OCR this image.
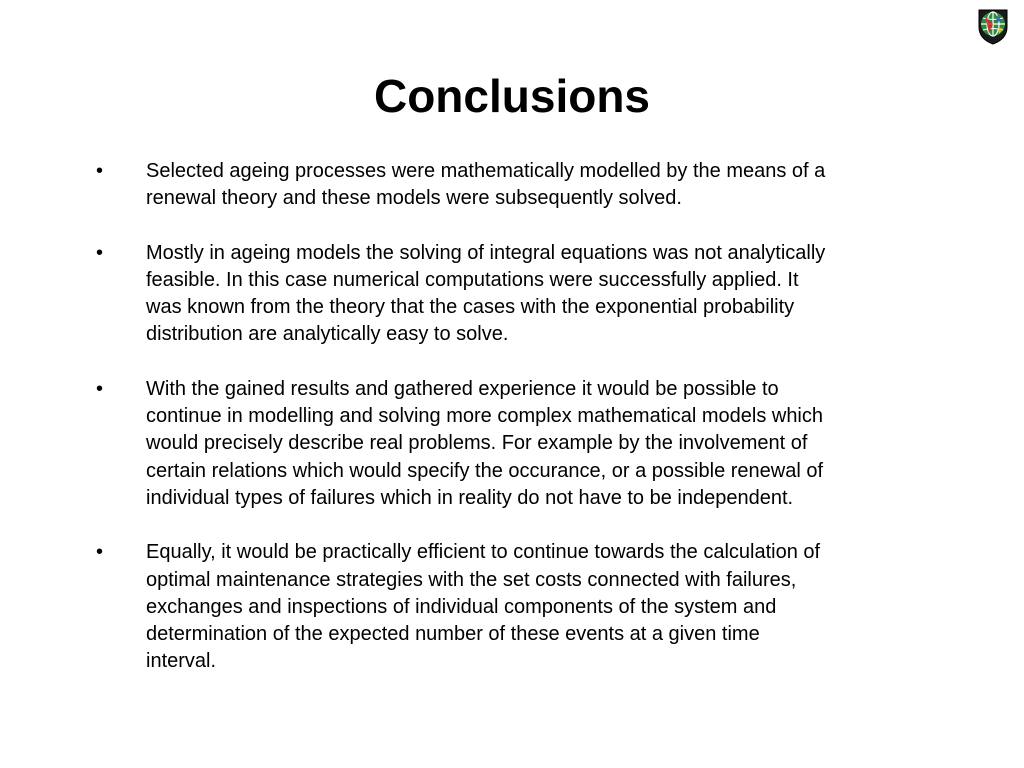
Conclusions
• Selected ageing processes were mathematically modelled by the means of a
renewal theory and these models were subsequently solved.
• Mostly in ageing models the solving of integral equations was not analytically
feasible. In this case numerical computations were successfully applied. It
was known from the theory that the cases with the exponential probability
distribution are analytically easy to solve.
• With the gained results and gathered experience it would be possible to
continue in modelling and solving more complex mathematical models which
would precisely describe real problems. For example by the involvement of
certain relations which would specify the occurance, or a possible renewal of
individual types of failures which in reality do not have to be independent.
• Equally, it would be practically efficient to continue towards the calculation of
optimal maintenance strategies with the set costs connected with failures,
exchanges and inspections of individual components of the system and
determination of the expected number of these events at a given time
interval.
